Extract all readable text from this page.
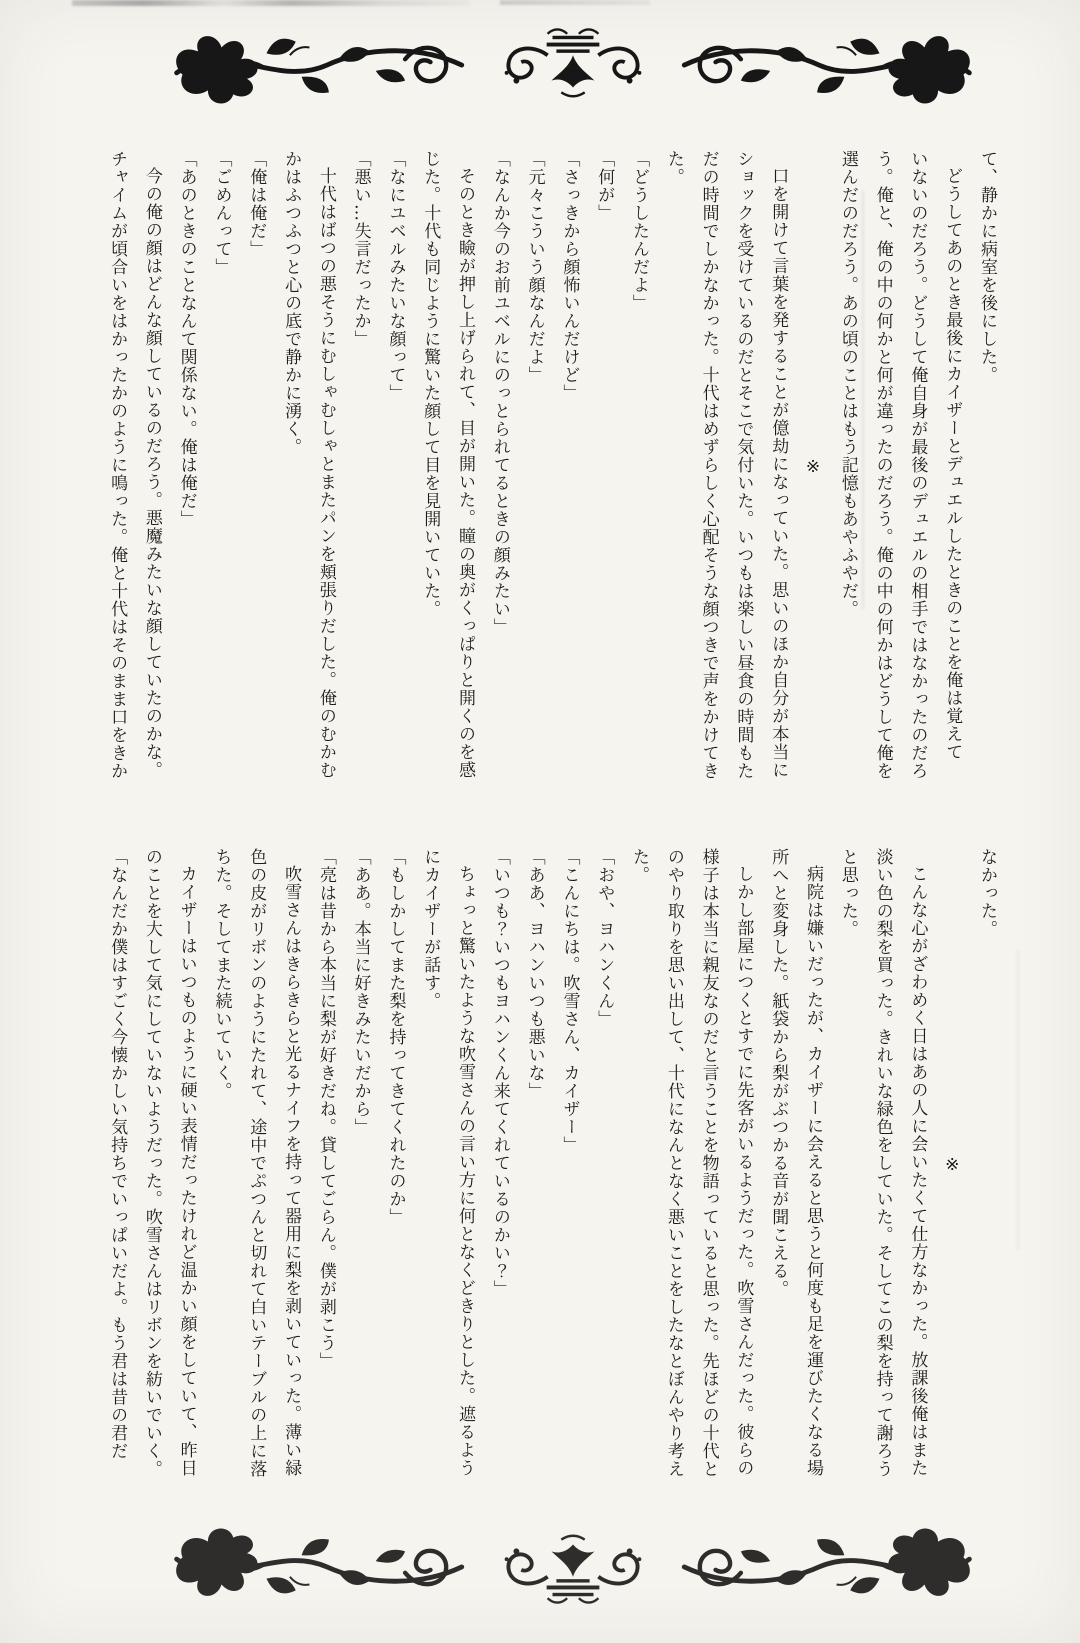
て、静かに病室を後にした。

どうしてあのとき最後にカイザーとデュエルしたときのことを俺は覚えて

いないのだろう。どうして俺自身が最後のデュエルの相手ではなかったのだろ

う。俺と、俺の中の何かと何が違ったのだろう。俺の中の何かはどうして俺を

選んだのだろう。あの頃のことはもう記憶もあやふやだ。

※

口を開けて言葉を発することが億劫になっていた。思いのほか自分が本当に

ショックを受けているのだとそこで気付いた。いつもは楽しい昼食の時間もた

だの時間でしかなかった。十代はめずらしく心配そうな顔つきで声をかけてき

た。

「どうしたんだよ」

「何が」

「さっきから顔怖いんだけど」

「元々こういう顔なんだよ」

「なんか今のお前ユベルにのっとられてるときの顔みたい」

そのとき瞼が押し上げられて、目が開いた。瞳の奥がくっぱりと開くのを感

じた。十代も同じように驚いた顔して目を見開いていた。

「なにユベルみたいな顔って」

「悪い…失言だったか」

十代はばつの悪そうにむしゃむしゃとまたパンを頬張りだした。俺のむかむ

かはふつふつと心の底で静かに湧く。

「俺は俺だ」

「ごめんって」

「あのときのことなんて関係ない。俺は俺だ」

今の俺の顔はどんな顔しているのだろう。悪魔みたいな顔していたのかな。

チャイムが頃合いをはかったかのように鳴った。俺と十代はそのまま口をきか

なかった。

※

こんな心がざわめく日はあの人に会いたくて仕方なかった。放課後俺はまた

淡い色の梨を買った。きれいな緑色をしていた。そしてこの梨を持って謝ろう

と思った。

病院は嫌いだったが、カイザーに会えると思うと何度も足を運びたくなる場

所へと変身した。紙袋から梨がぶつかる音が聞こえる。

しかし部屋につくとすでに先客がいるようだった。吹雪さんだった。彼らの

様子は本当に親友なのだと言うことを物語っていると思った。先ほどの十代と

のやり取りを思い出して、十代になんとなく悪いことをしたなとぼんやり考え

た。

「おや、ヨハンくん」

「こんにちは。吹雪さん、カイザー」

「ああ、ヨハンいつも悪いな」

「いつも？いつもヨハンくん来てくれているのかい？」

ちょっと驚いたような吹雪さんの言い方に何となくどきりとした。遮るよう

にカイザーが話す。

「もしかしてまた梨を持ってきてくれたのか」

「ああ。本当に好きみたいだから」

「亮は昔から本当に梨が好きだね。貸してごらん。僕が剥こう」

吹雪さんはきらきらと光るナイフを持って器用に梨を剥いていった。薄い緑

色の皮がリボンのようにたれて、途中でぷつんと切れて白いテーブルの上に落

ちた。そしてまた続いていく。

カイザーはいつものように硬い表情だったけれど温かい顔をしていて、昨日

のことを大して気にしていないようだった。吹雪さんはリボンを紡いでいく。

「なんだか僕はすごく今懐かしい気持ちでいっぱいだよ。もう君は昔の君だ
